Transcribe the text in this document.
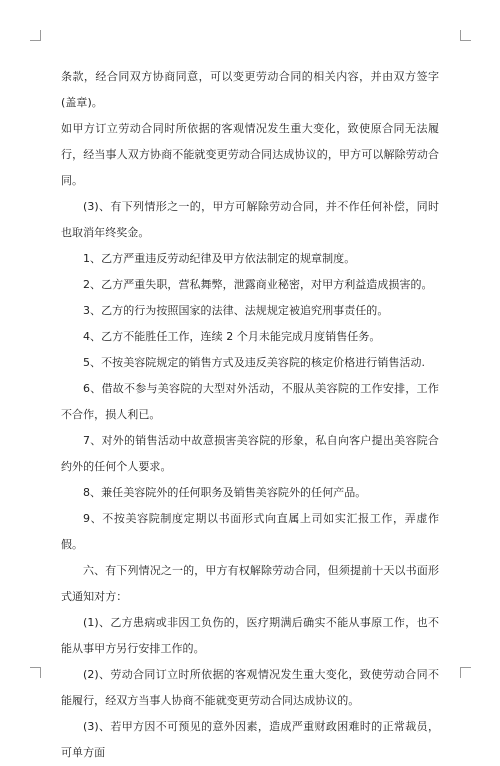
条款，经合同双方协商同意，可以变更劳动合同的相关内容，并由双方签字(盖章)。

如甲方订立劳动合同时所依据的客观情况发生重大变化，致使原合同无法履行，经当事人双方协商不能就变更劳动合同达成协议的，甲方可以解除劳动合同。

(3)、有下列情形之一的，甲方可解除劳动合同，并不作任何补偿，同时也取消年终奖金。

1、乙方严重违反劳动纪律及甲方依法制定的规章制度。

2、乙方严重失职，营私舞弊，泄露商业秘密，对甲方利益造成损害的。

3、乙方的行为按照国家的法律、法规规定被追究刑事责任的。

4、乙方不能胜任工作，连续 2 个月未能完成月度销售任务。

5、不按美容院规定的销售方式及违反美容院的核定价格进行销售活动.

6、借故不参与美容院的大型对外活动，不服从美容院的工作安排，工作不合作，损人利已。

7、对外的销售活动中故意损害美容院的形象，私自向客户提出美容院合约外的任何个人要求。

8、兼任美容院外的任何职务及销售美容院外的任何产品。

9、不按美容院制度定期以书面形式向直属上司如实汇报工作，弄虚作假。

六、有下列情况之一的，甲方有权解除劳动合同，但须提前十天以书面形式通知对方：

(1)、乙方患病或非因工负伤的，医疗期满后确实不能从事原工作，也不能从事甲方另行安排工作的。

(2)、劳动合同订立时所依据的客观情况发生重大变化，致使劳动合同不能履行，经双方当事人协商不能就变更劳动合同达成协议的。

(3)、若甲方因不可预见的意外因素，造成严重财政困难时的正常裁员，可单方面
